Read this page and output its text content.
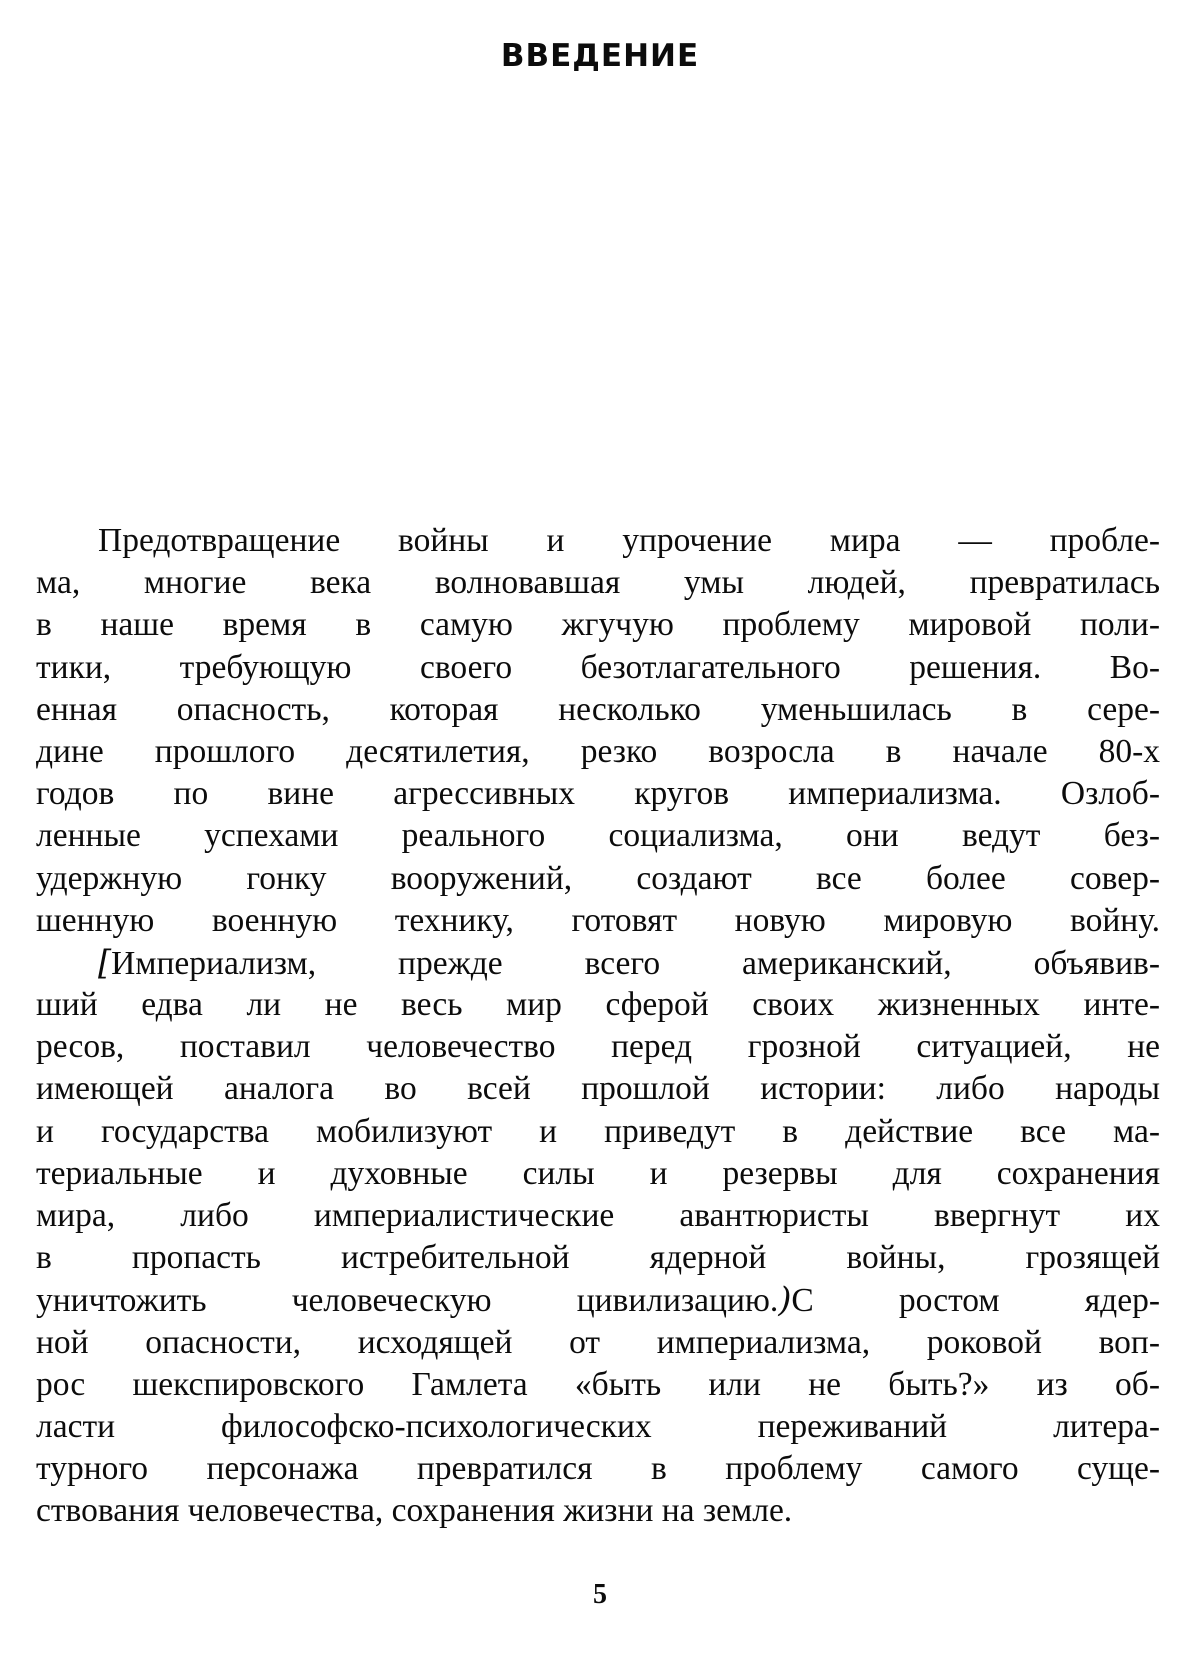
ВВЕДЕНИЕ
Предотвращение войны и упрочение мира — пробле-
ма, многие века волновавшая умы людей, превратилась
в наше время в самую жгучую проблему мировой поли-
тики, требующую своего безотлагательного решения. Во-
енная опасность, которая несколько уменьшилась в сере-
дине прошлого десятилетия, резко возросла в начале 80-х
годов по вине агрессивных кругов империализма. Озлоб-
ленные успехами реального социализма, они ведут без-
удержную гонку вооружений, создают все более совер-
шенную военную технику, готовят новую мировую войну.
[Империализм, прежде всего американский, объявив-
ший едва ли не весь мир сферой своих жизненных инте-
ресов, поставил человечество перед грозной ситуацией, не
имеющей аналога во всей прошлой истории: либо народы
и государства мобилизуют и приведут в действие все ма-
териальные и духовные силы и резервы для сохранения
мира, либо империалистические авантюристы ввергнут их
в пропасть истребительной ядерной войны, грозящей
уничтожить человеческую цивилизацию.)С ростом ядер-
ной опасности, исходящей от империализма, роковой воп-
рос шекспировского Гамлета «быть или не быть?» из об-
ласти философско-психологических переживаний литера-
турного персонажа превратился в проблему самого суще-
ствования человечества, сохранения жизни на земле.
5
